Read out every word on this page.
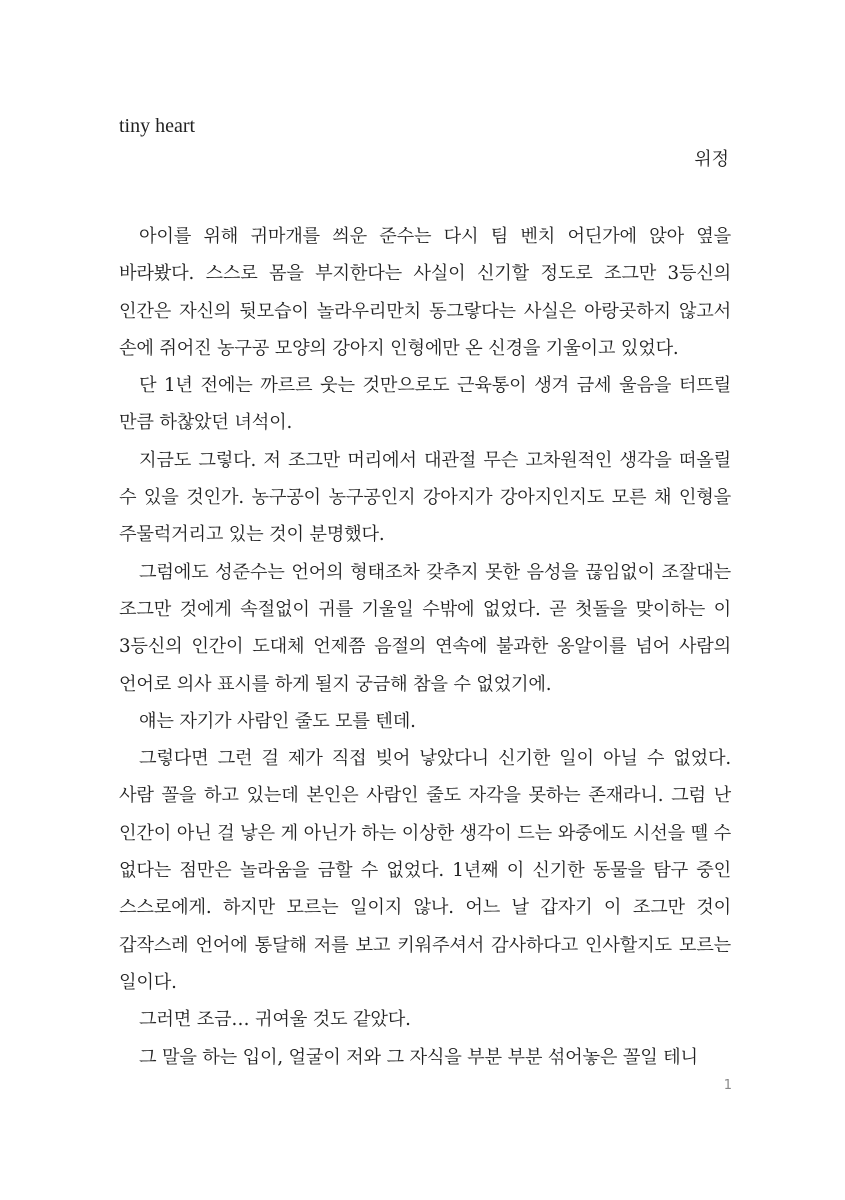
tiny heart
위정

아이를 위해 귀마개를 씌운 준수는 다시 팀 벤치 어딘가에 앉아 옆을 바라봤다. 스스로 몸을 부지한다는 사실이 신기할 정도로 조그만 3등신의 인간은 자신의 뒷모습이 놀라우리만치 동그랗다는 사실은 아랑곳하지 않고서 손에 쥐어진 농구공 모양의 강아지 인형에만 온 신경을 기울이고 있었다.

단 1년 전에는 까르르 웃는 것만으로도 근육통이 생겨 금세 울음을 터뜨릴 만큼 하찮았던 녀석이.

지금도 그렇다. 저 조그만 머리에서 대관절 무슨 고차원적인 생각을 떠올릴 수 있을 것인가. 농구공이 농구공인지 강아지가 강아지인지도 모른 채 인형을 주물럭거리고 있는 것이 분명했다.

그럼에도 성준수는 언어의 형태조차 갖추지 못한 음성을 끊임없이 조잘대는 조그만 것에게 속절없이 귀를 기울일 수밖에 없었다. 곧 첫돌을 맞이하는 이 3등신의 인간이 도대체 언제쯤 음절의 연속에 불과한 옹알이를 넘어 사람의 언어로 의사 표시를 하게 될지 궁금해 참을 수 없었기에.

얘는 자기가 사람인 줄도 모를 텐데.

그렇다면 그런 걸 제가 직접 빚어 낳았다니 신기한 일이 아닐 수 없었다. 사람 꼴을 하고 있는데 본인은 사람인 줄도 자각을 못하는 존재라니. 그럼 난 인간이 아닌 걸 낳은 게 아닌가 하는 이상한 생각이 드는 와중에도 시선을 뗄 수 없다는 점만은 놀라움을 금할 수 없었다. 1년째 이 신기한 동물을 탐구 중인 스스로에게. 하지만 모르는 일이지 않나. 어느 날 갑자기 이 조그만 것이 갑작스레 언어에 통달해 저를 보고 키워주셔서 감사하다고 인사할지도 모르는 일이다.

그러면 조금… 귀여울 것도 같았다.

그 말을 하는 입이, 얼굴이 저와 그 자식을 부분 부분 섞어놓은 꼴일 테니

1
